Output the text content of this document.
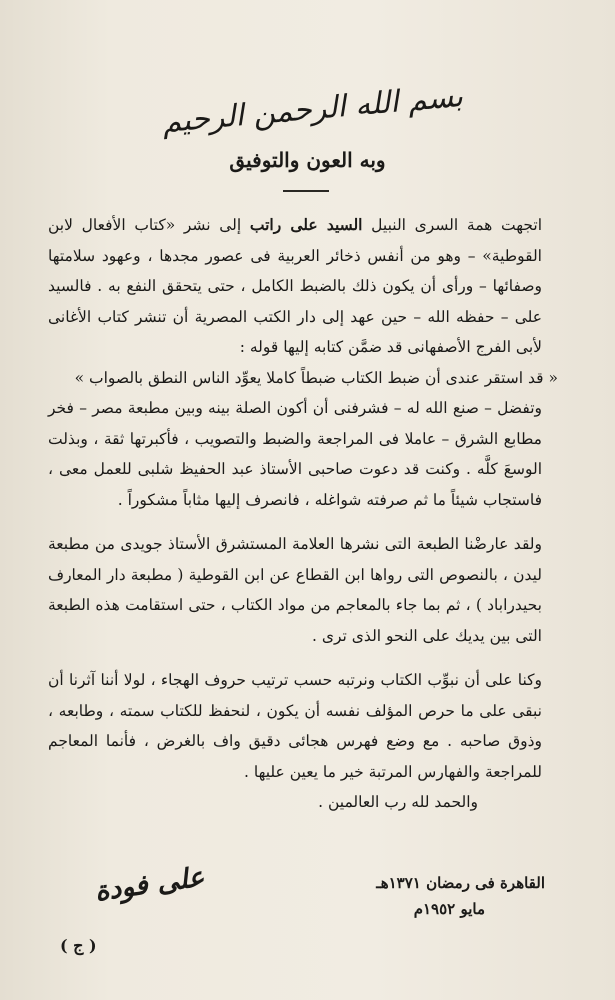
بسم الله الرحمن الرحيم
وبه العون والتوفيق

اتجهت همة السرى النبيل السيد على راتب إلى نشر «كتاب الأفعال لابن القوطية» – وهو من أنفس ذخائر العربية فى عصور مجدها ، وعهود سلامتها وصفائها – ورأى أن يكون ذلك بالضبط الكامل ، حتى يتحقق النفع به . فالسيد على – حفظه الله – حين عهد إلى دار الكتب المصرية أن تنشر كتاب الأغانى لأبى الفرج الأصفهانى قد ضمَّن كتابه إليها قوله :

« قد استقر عندى أن ضبط الكتاب ضبطاً كاملا يعوِّد الناس النطق بالصواب »

وتفضل – صنع الله له – فشرفنى أن أكون الصلة بينه وبين مطبعة مصر – فخر مطابع الشرق – عاملا فى المراجعة والضبط والتصويب ، فأكبرتها ثقة ، وبذلت الوسعَ كلَّه . وكنت قد دعوت صاحبى الأستاذ عبد الحفيظ شلبى للعمل معى ، فاستجاب شيئاً ما ثم صرفته شواغله ، فانصرف إليها مثاباً مشكوراً .

ولقد عارضْنا الطبعة التى نشرها العلامة المستشرق الأستاذ جويدى من مطبعة ليدن ، بالنصوص التى رواها ابن القطاع عن ابن القوطية ( مطبعة دار المعارف بحيدراباد ) ، ثم بما جاء بالمعاجم من مواد الكتاب ، حتى استقامت هذه الطبعة التى بين يديك على النحو الذى ترى .

وكنا على أن نبوِّب الكتاب ونرتبه حسب ترتيب حروف الهجاء ، لولا أننا آثرنا أن نبقى على ما حرص المؤلف نفسه أن يكون ، لنحفظ للكتاب سمته ، وطابعه ، وذوق صاحبه . مع وضع فهرس هجائى دقيق واف بالغرض ، فأنما المعاجم للمراجعة والفهارس المرتبة خير ما يعين عليها .

والحمد لله رب العالمين .

القاهرة فى رمضان ١٣٧١هـ
مايو ١٩٥٢م
على فودة
( ج )
